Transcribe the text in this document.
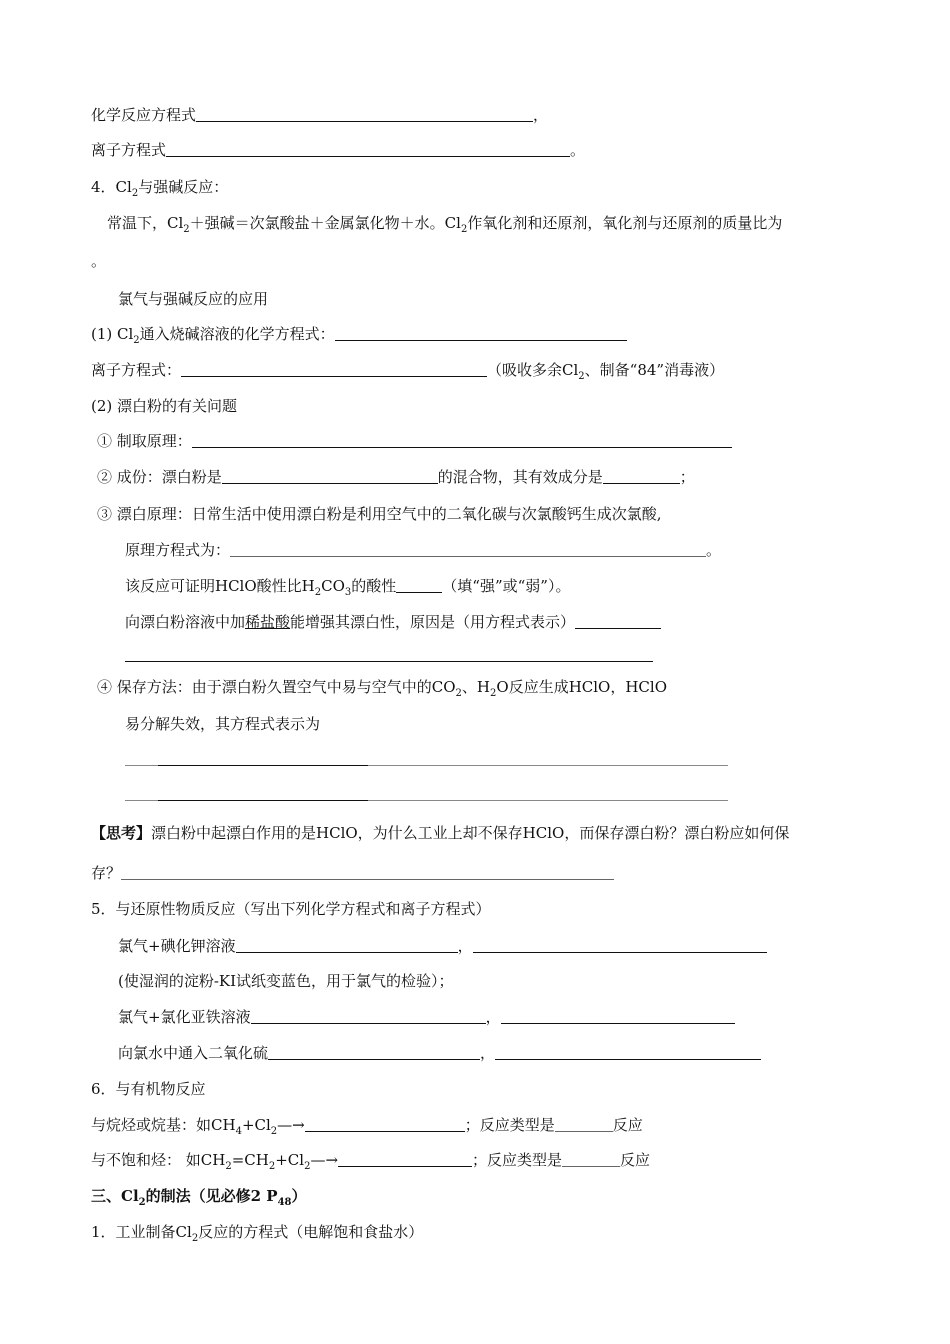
化学反应方程式	，
离子方程式	。
4．$Cl_2$与强碱反应：
常温下，$Cl_2+$强碱＝次氯酸盐＋金属氯化物＋水。$Cl_2$作氧化剂和还原剂，氧化剂与还原剂的质量比为
。
氯气与强碱反应的应用
(1) $Cl_2$通入烧碱溶液的化学方程式：
离子方程式：	（吸收多余$Cl_2$、制备“84”消毒液）
(2) 漂白粉的有关问题
① 制取原理：
② 成份：漂白粉是	的混合物，其有效成分是	；
③ 漂白原理：日常生活中使用漂白粉是利用空气中的二氧化碳与次氯酸钙生成次氯酸,
原理方程式为：	。
该反应可证明HClO酸性比$H_2CO_3$的酸性	（填“强”或“弱”）。
向漂白粉溶液中加稀盐酸能增强其漂白性，原因是（用方程式表示）
④ 保存方法：由于漂白粉久置空气中易与空气中的$CO_2$、$H_2O$反应生成HClO，HClO
易分解失效，其方程式表示为
【思考】漂白粉中起漂白作用的是HClO，为什么工业上却不保存HClO，而保存漂白粉？漂白粉应如何保
存？
5．与还原性物质反应（写出下列化学方程式和离子方程式）
氯气+碘化钾溶液	，
(使湿润的淀粉-KI试纸变蓝色，用于氯气的检验）；
氯气+氯化亚铁溶液	，
向氯水中通入二氧化硫	，
6．与有机物反应
与烷烃或烷基：如$CH_4+Cl_2—\to$	；反应类型是	反应
与不饱和烃： 如$CH_2=CH_2+Cl_2—\to$	；反应类型是	反应
三、$Cl_2$的制法（见必修2 $P_{48}$）
1．工业制备$Cl_2$反应的方程式（电解饱和食盐水）
